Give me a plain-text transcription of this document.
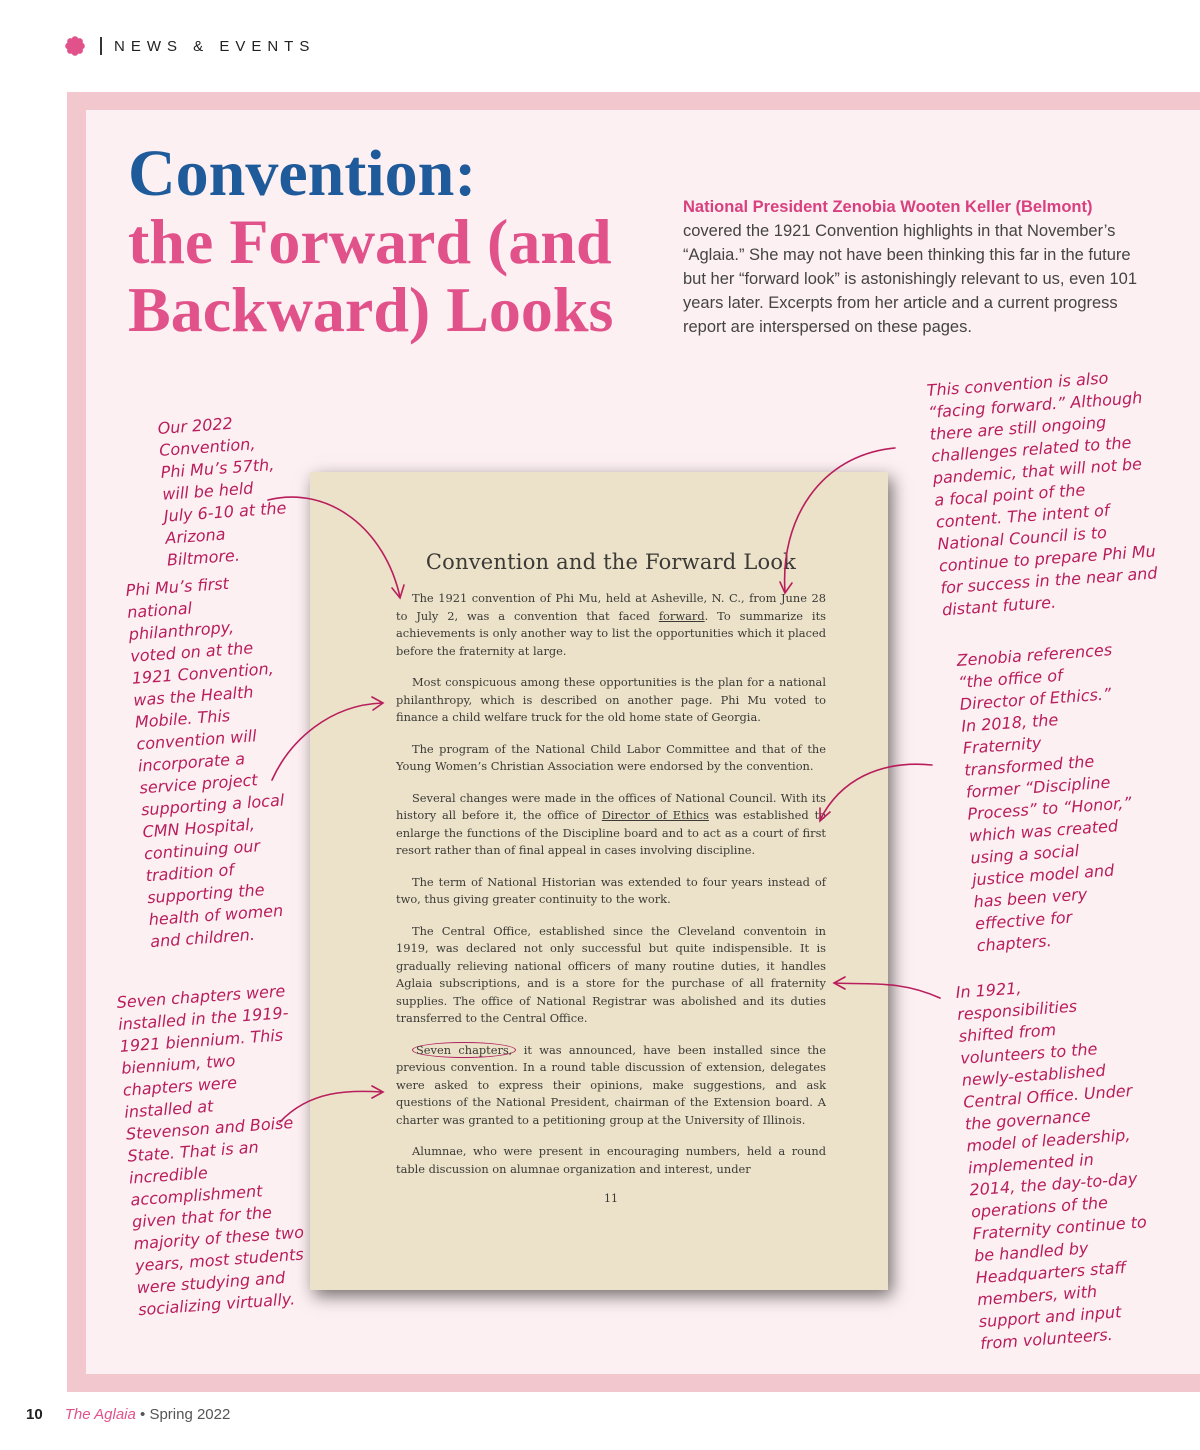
NEWS & EVENTS
Convention:
the Forward (and
Backward) Looks

National President Zenobia Wooten Keller (Belmont)
covered the 1921 Convention highlights in that November’s “Aglaia.” She may not have been thinking this far in the future but her “forward look” is astonishingly relevant to us, even 101 years later. Excerpts from her article and a current progress report are interspersed on these pages.

Convention and the Forward Look

The 1921 convention of Phi Mu, held at Asheville, N. C., from June 28 to July 2, was a convention that faced forward. To summarize its achievements is only another way to list the opportunities which it placed before the fraternity at large.

Most conspicuous among these opportunities is the plan for a national philanthropy, which is described on another page. Phi Mu voted to finance a child welfare truck for the old home state of Georgia.

The program of the National Child Labor Committee and that of the Young Women’s Christian Association were endorsed by the convention.

Several changes were made in the offices of National Council. With its history all before it, the office of Director of Ethics was established to enlarge the functions of the Discipline board and to act as a court of first resort rather than of final appeal in cases involving discipline.

The term of National Historian was extended to four years instead of two, thus giving greater continuity to the work.

The Central Office, established since the Cleveland conventoin in 1919, was declared not only successful but quite indispensible. It is gradually relieving national officers of many routine duties, it handles Aglaia subscriptions, and is a store for the purchase of all fraternity supplies. The office of National Registrar was abolished and its duties transferred to the Central Office.

Seven chapters, it was announced, have been installed since the previous convention. In a round table discussion of extension, delegates were asked to express their opinions, make suggestions, and ask questions of the National President, chairman of the Extension board. A charter was granted to a petitioning group at the University of Illinois.

Alumnae, who were present in encouraging numbers, held a round table discussion on alumnae organization and interest, under

11

Our 2022 Convention, Phi Mu’s 57th, will be held July 6-10 at the Arizona Biltmore.

Phi Mu’s first national philanthropy, voted on at the 1921 Convention, was the Health Mobile. This convention will incorporate a service project supporting a local CMN Hospital, continuing our tradition of supporting the health of women and children.

Seven chapters were installed in the 1919-1921 biennium. This biennium, two chapters were installed at Stevenson and Boise State. That is an incredible accomplishment given that for the majority of these two years, most students were studying and socializing virtually.

This convention is also “facing forward.” Although there are still ongoing challenges related to the pandemic, that will not be a focal point of the content. The intent of National Council is to continue to prepare Phi Mu for success in the near and distant future.

Zenobia references “the office of Director of Ethics.” In 2018, the Fraternity transformed the former “Discipline Process” to “Honor,” which was created using a social justice model and has been very effective for chapters.

In 1921, responsibilities shifted from volunteers to the newly-established Central Office. Under the governance model of leadership, implemented in 2014, the day-to-day operations of the Fraternity continue to be handled by Headquarters staff members, with support and input from volunteers.

10 The Aglaia • Spring 2022
